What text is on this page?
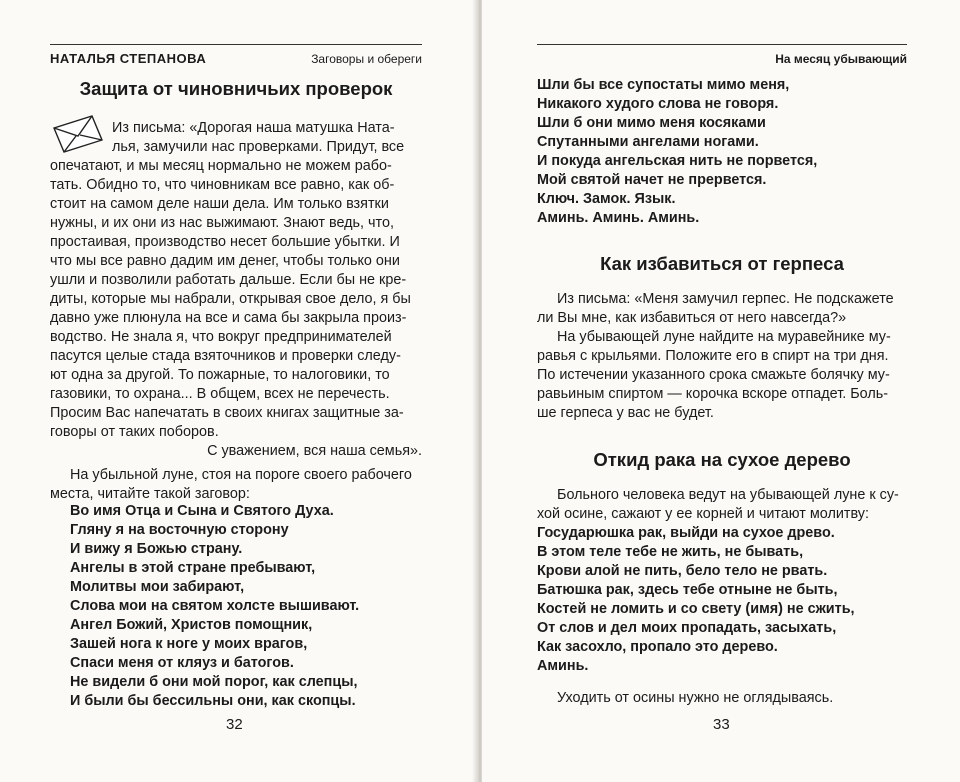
НАТАЛЬЯ СТЕПАНОВА	Заговоры и обереги
Защита от чиновничьих проверок

Из письма: «Дорогая наша матушка Ната-

лья, замучили нас проверками. Придут, все

опечатают, и мы месяц нормально не можем рабо-

тать. Обидно то, что чиновникам все равно, как об-

стоит на самом деле наши дела. Им только взятки

нужны, и их они из нас выжимают. Знают ведь, что,

простаивая, производство несет большие убытки. И

что мы все равно дадим им денег, чтобы только они

ушли и позволили работать дальше. Если бы не кре-

диты, которые мы набрали, открывая свое дело, я бы

давно уже плюнула на все и сама бы закрыла произ-

водство. Не знала я, что вокруг предпринимателей

пасутся целые стада взяточников и проверки следу-

ют одна за другой. То пожарные, то налоговики, то

газовики, то охрана... В общем, всех не перечесть.

Просим Вас напечатать в своих книгах защитные за-

говоры от таких поборов.

С уважением, вся наша семья».

На убыльной луне, стоя на пороге своего рабочего

места, читайте такой заговор:

Во имя Отца и Сына и Святого Духа.

Гляну я на восточную сторону

И вижу я Божью страну.

Ангелы в этой стране пребывают,

Молитвы мои забирают,

Слова мои на святом холсте вышивают.

Ангел Божий, Христов помощник,

Зашей нога к ноге у моих врагов,

Спаси меня от кляуз и батогов.

Не видели б они мой порог, как слепцы,

И были бы бессильны они, как скопцы.

32
На месяц убывающий

Шли бы все супостаты мимо меня,

Никакого худого слова не говоря.

Шли б они мимо меня косяками

Спутанными ангелами ногами.

И покуда ангельская нить не порвется,

Мой святой начет не прервется.

Ключ. Замок. Язык.

Аминь. Аминь. Аминь.

Как избавиться от герпеса

Из письма: «Меня замучил герпес. Не подскажете

ли Вы мне, как избавиться от него навсегда?»

На убывающей луне найдите на муравейнике му-

равья с крыльями. Положите его в спирт на три дня.

По истечении указанного срока смажьте болячку му-

равьиным спиртом — корочка вскоре отпадет. Боль-

ше герпеса у вас не будет.

Откид рака на сухое дерево

Больного человека ведут на убывающей луне к су-

хой осине, сажают у ее корней и читают молитву:

Государюшка рак, выйди на сухое древо.

В этом теле тебе не жить, не бывать,

Крови алой не пить, бело тело не рвать.

Батюшка рак, здесь тебе отныне не быть,

Костей не ломить и со свету (имя) не сжить,

От слов и дел моих пропадать, засыхать,

Как засохло, пропало это дерево.

Аминь.

Уходить от осины нужно не оглядываясь.

33
